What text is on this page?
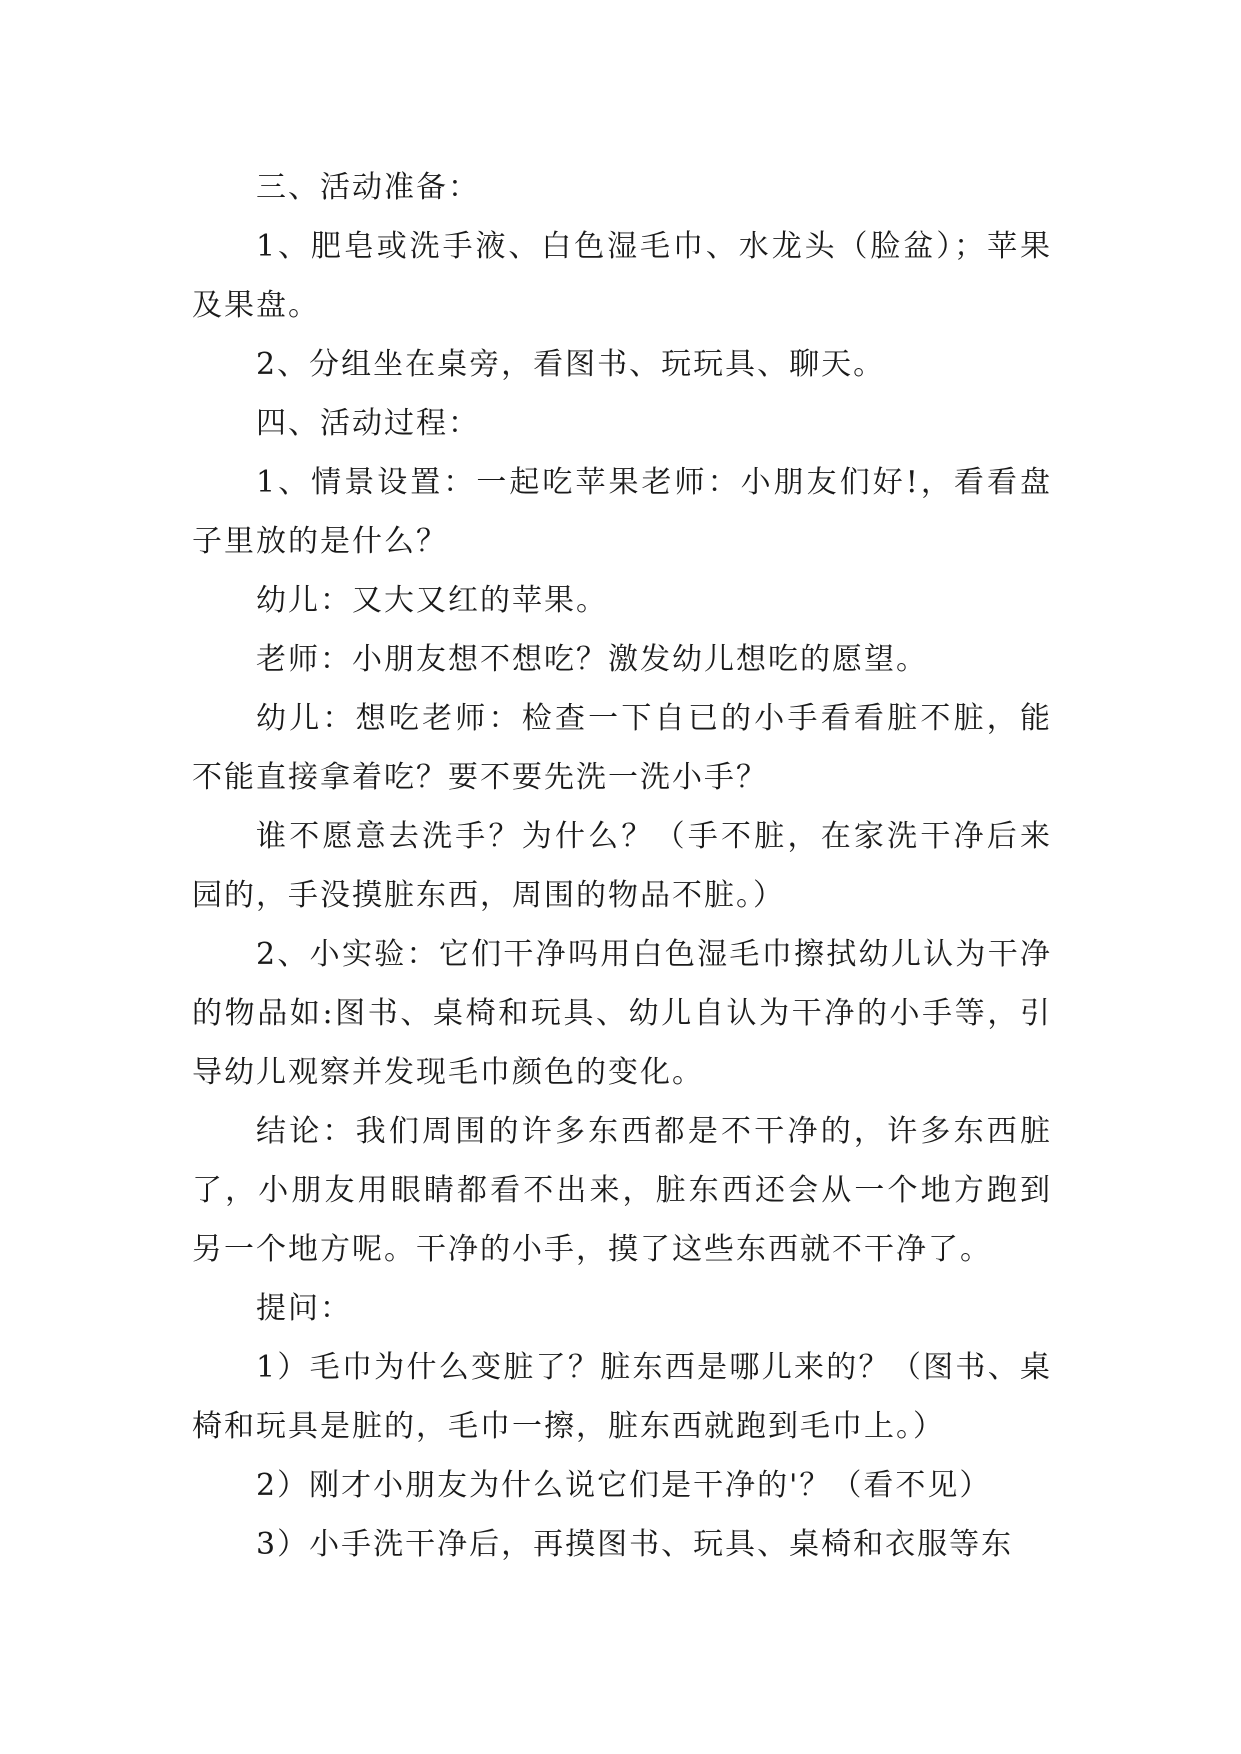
三、活动准备：

1、肥皂或洗手液、白色湿毛巾、水龙头（脸盆）；苹果及果盘。

2、分组坐在桌旁，看图书、玩玩具、聊天。

四、活动过程：

1、情景设置：一起吃苹果老师：小朋友们好!，看看盘子里放的是什么？

幼儿：又大又红的苹果。

老师：小朋友想不想吃？激发幼儿想吃的愿望。

幼儿：想吃老师：检查一下自已的小手看看脏不脏，能不能直接拿着吃？要不要先洗一洗小手？

谁不愿意去洗手？为什么？（手不脏，在家洗干净后来园的，手没摸脏东西，周围的物品不脏。）

2、小实验：它们干净吗用白色湿毛巾擦拭幼儿认为干净的物品如:图书、桌椅和玩具、幼儿自认为干净的小手等，引导幼儿观察并发现毛巾颜色的变化。

结论：我们周围的许多东西都是不干净的，许多东西脏了，小朋友用眼睛都看不出来，脏东西还会从一个地方跑到另一个地方呢。干净的小手，摸了这些东西就不干净了。

提问：

1）毛巾为什么变脏了？脏东西是哪儿来的？（图书、桌椅和玩具是脏的，毛巾一擦，脏东西就跑到毛巾上。）

2）刚才小朋友为什么说它们是干净的'？（看不见）

3）小手洗干净后，再摸图书、玩具、桌椅和衣服等东
